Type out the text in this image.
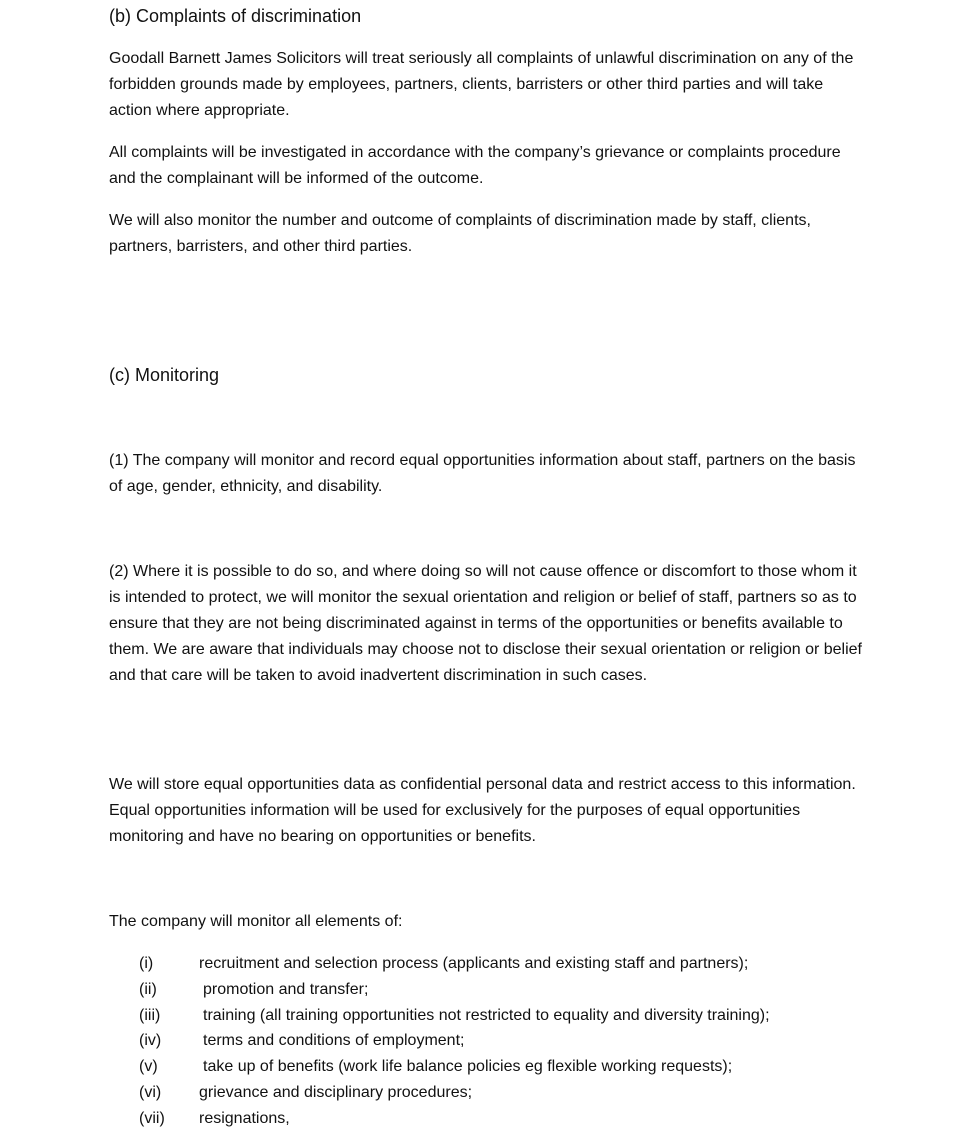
(b) Complaints of discrimination

Goodall Barnett James Solicitors will treat seriously all complaints of unlawful discrimination on any of the forbidden grounds made by employees, partners, clients, barristers or other third parties and will take action where appropriate.

All complaints will be investigated in accordance with the company’s grievance or complaints procedure and the complainant will be informed of the outcome.

We will also monitor the number and outcome of complaints of discrimination made by staff, clients, partners, barristers, and other third parties.

(c) Monitoring

(1) The company will monitor and record equal opportunities information about staff, partners on the basis of age, gender, ethnicity, and disability.

(2) Where it is possible to do so, and where doing so will not cause offence or discomfort to those whom it is intended to protect, we will monitor the sexual orientation and religion or belief of staff, partners so as to ensure that they are not being discriminated against in terms of the opportunities or benefits available to them. We are aware that individuals may choose not to disclose their sexual orientation or religion or belief and that care will be taken to avoid inadvertent discrimination in such cases.

We will store equal opportunities data as confidential personal data and restrict access to this information. Equal opportunities information will be used for exclusively for the purposes of equal opportunities monitoring and have no bearing on opportunities or benefits.

The company will monitor all elements of:

(i)	recruitment and selection process (applicants and existing staff and partners);
(ii)	promotion and transfer;
(iii)	training (all training opportunities not restricted to equality and diversity training);
(iv)	terms and conditions of employment;
(v)	take up of benefits (work life balance policies eg flexible working requests);
(vi)	grievance and disciplinary procedures;
(vii)	resignations,
